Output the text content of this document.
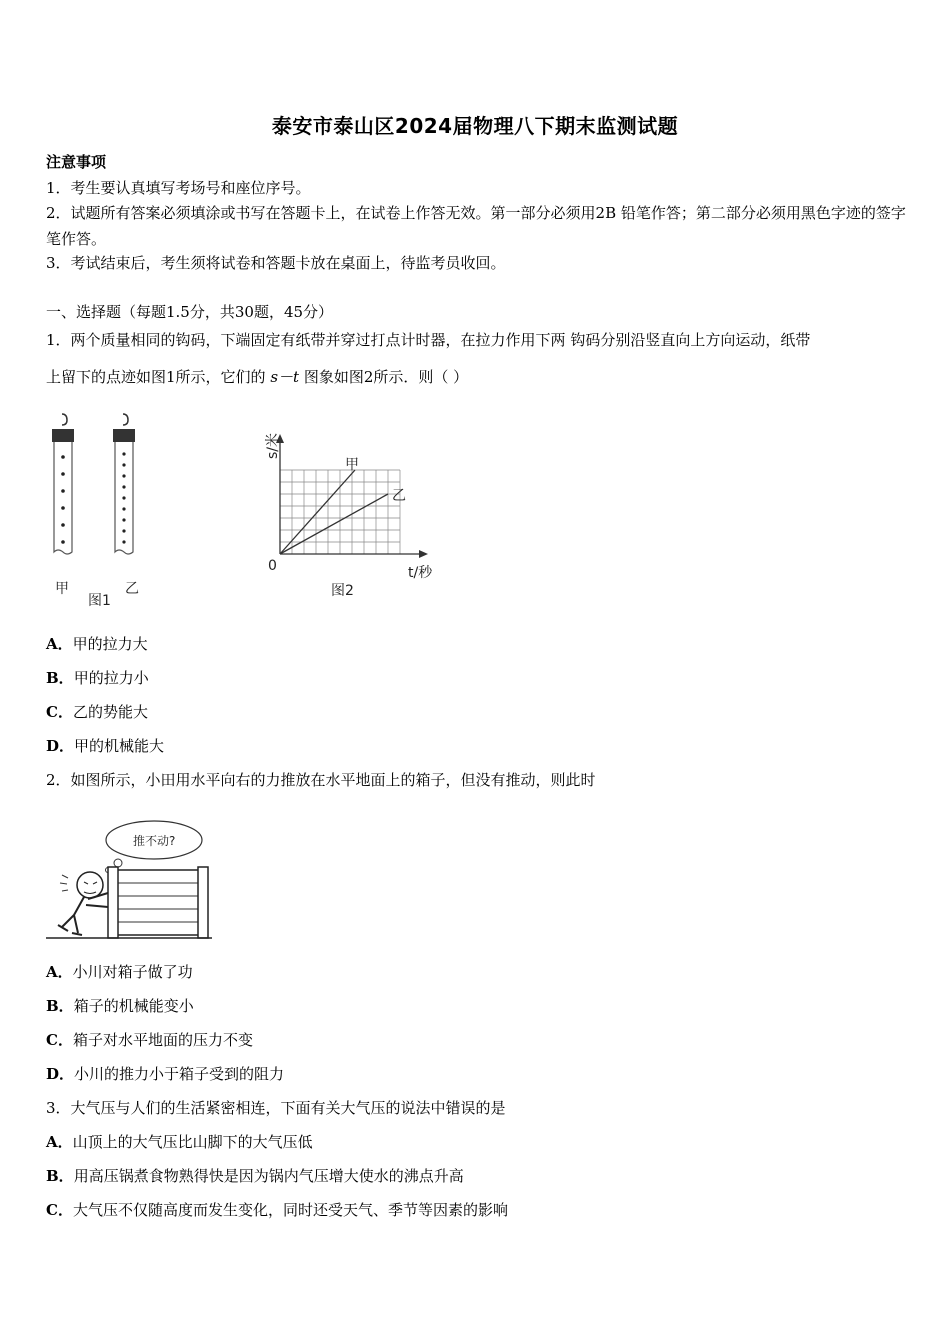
泰安市泰山区2024届物理八下期末监测试题
注意事项
1．考生要认真填写考场号和座位序号。
2．试题所有答案必须填涂或书写在答题卡上，在试卷上作答无效。第一部分必须用2B 铅笔作答；第二部分必须用黑色字迹的签字笔作答。
3．考试结束后，考生须将试卷和答题卡放在桌面上，待监考员收回。
一、选择题（每题1.5分，共30题，45分）
1．两个质量相同的钩码，下端固定有纸带并穿过打点计时器，在拉力作用下两 钩码分别沿竖直向上方向运动，纸带
上留下的点迹如图1所示，它们的 s－t 图象如图2所示．则（ ）
甲	乙
图1
s/米
t/秒
0
甲
乙
图2
A．甲的拉力大
B．甲的拉力小
C．乙的势能大
D．甲的机械能大
2．如图所示，小田用水平向右的力推放在水平地面上的箱子，但没有推动，则此时
推不动?
A．小川对箱子做了功
B．箱子的机械能变小
C．箱子对水平地面的压力不变
D．小川的推力小于箱子受到的阻力
3．大气压与人们的生活紧密相连，下面有关大气压的说法中错误的是
A．山顶上的大气压比山脚下的大气压低
B．用高压锅煮食物熟得快是因为锅内气压增大使水的沸点升高
C．大气压不仅随高度而发生变化，同时还受天气、季节等因素的影响
